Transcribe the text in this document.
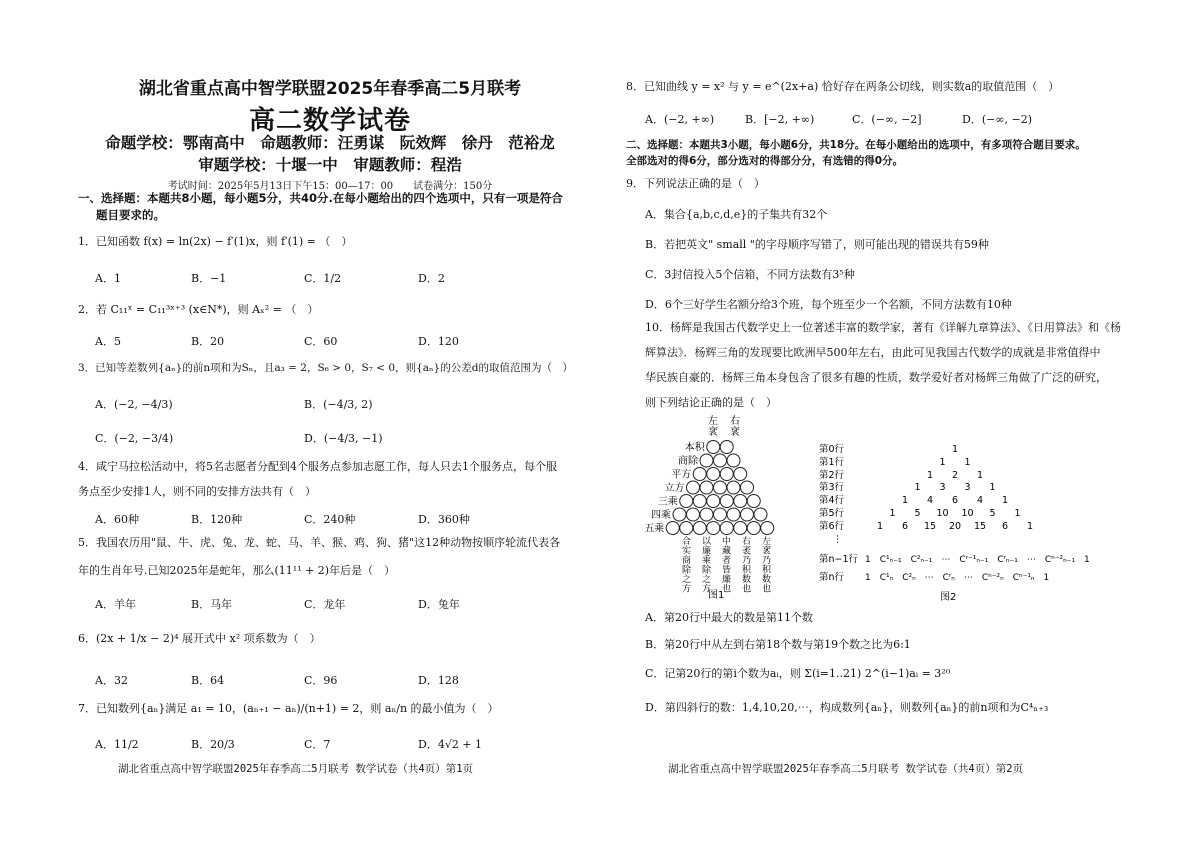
湖北省重点高中智学联盟2025年春季高二5月联考
高二数学试卷
命题学校：鄂南高中　命题教师：汪勇谋　阮效辉　徐丹　范裕龙
审题学校：十堰一中　审题教师：程浩
考试时间：2025年5月13日下午15：00—17：00　　试卷满分：150分
一、选择题：本题共8小题，每小题5分，共40分.在每小题给出的四个选项中，只有一项是符合
题目要求的。
1．已知函数 f(x) = ln(2x) − f′(1)x，则 f′(1) = （　）
A．1	B．−1	C．1/2	D．2
2．若 C₁₁ˣ = C₁₁³ˣ⁺³ (x∈N*)，则 Aₓ² = （　）
A．5	B．20	C．60	D．120
3．已知等差数列{aₙ}的前n项和为Sₙ，且a₃ = 2，S₆ > 0，S₇ < 0，则{aₙ}的公差d的取值范围为（　）
A．(−2, −4/3)	B．(−4/3, 2)
C．(−2, −3/4)	D．(−4/3, −1)
4．咸宁马拉松活动中，将5名志愿者分配到4个服务点参加志愿工作，每人只去1个服务点，每个服
务点至少安排1人，则不同的安排方法共有（　）
A．60种	B．120种	C．240种	D．360种
5．我国农历用"鼠、牛、虎、兔、龙、蛇、马、羊、猴、鸡、狗、猪"这12种动物按顺序轮流代表各
年的生肖年号.已知2025年是蛇年，那么(11¹¹ + 2)年后是（　）
A．羊年	B．马年	C．龙年	D．兔年
6．(2x + 1/x − 2)⁴ 展开式中 x² 项系数为（　）
A．32	B．64	C．96	D．128
7．已知数列{aₙ}满足 a₁ = 10，(aₙ₊₁ − aₙ)/(n+1) = 2，则 aₙ/n 的最小值为（　）
A．11/2	B．20/3	C．7	D．4√2 + 1
湖北省重点高中智学联盟2025年春季高二5月联考 数学试卷（共4页）第1页
8．已知曲线 y = x² 与 y = e^(2x+a) 恰好存在两条公切线，则实数a的取值范围（　）
A．(−2, +∞)	B．[−2, +∞)	C．(−∞, −2]	D．(−∞, −2)
二、选择题：本题共3小题，每小题6分，共18分。在每小题给出的选项中，有多项符合题目要求。
全部选对的得6分，部分选对的得部分分，有选错的得0分。
9．下列说法正确的是（　）
A．集合{a,b,c,d,e}的子集共有32个
B．若把英文" small "的字母顺序写错了，则可能出现的错误共有59种
C．3封信投入5个信箱，不同方法数有3⁵种
D．6个三好学生名额分给3个班，每个班至少一个名额，不同方法数有10种
10．杨辉是我国古代数学史上一位著述丰富的数学家，著有《详解九章算法》、《日用算法》和《杨
辉算法》．杨辉三角的发现要比欧洲早500年左右，由此可见我国古代数学的成就是非常值得中
华民族自豪的．杨辉三角本身包含了很多有趣的性质，数学爱好者对杨辉三角做了广泛的研究，
则下列结论正确的是（　）
左 右
衺 衺
本积
商除
平方
立方
三乘
四乘
五乘
合
实
以
廉
中
藏
右
袤
左
衺
商
除
乘
除
者
皆
乃
积
乃
积
之
方
之
方
廉
也
数
也
数
也
图1
第0行
第1行
第2行
第3行
第4行
第5行
第6行
⋮
第n−1行
第n行
1
1 1
1 2 1
1 3 3 1
1 4 6 4 1
1 5 10 10 5 1
1 6 15 20 15 6 1
1　C¹ₙ₋₁　C²ₙ₋₁　⋯　Cʳ⁻¹ₙ₋₁　Cʳₙ₋₁　⋯　Cⁿ⁻²ₙ₋₁　1
1　C¹ₙ　C²ₙ　⋯　Cʳₙ　⋯　Cⁿ⁻²ₙ　Cⁿ⁻¹ₙ　1
图2
A．第20行中最大的数是第11个数
B．第20行中从左到右第18个数与第19个数之比为6:1
C．记第20行的第i个数为aᵢ，则 Σ(i=1..21) 2^(i−1)aᵢ = 3²⁰
D．第四斜行的数：1,4,10,20,⋯，构成数列{aₙ}，则数列{aₙ}的前n项和为C⁴ₙ₊₃
湖北省重点高中智学联盟2025年春季高二5月联考 数学试卷（共4页）第2页
